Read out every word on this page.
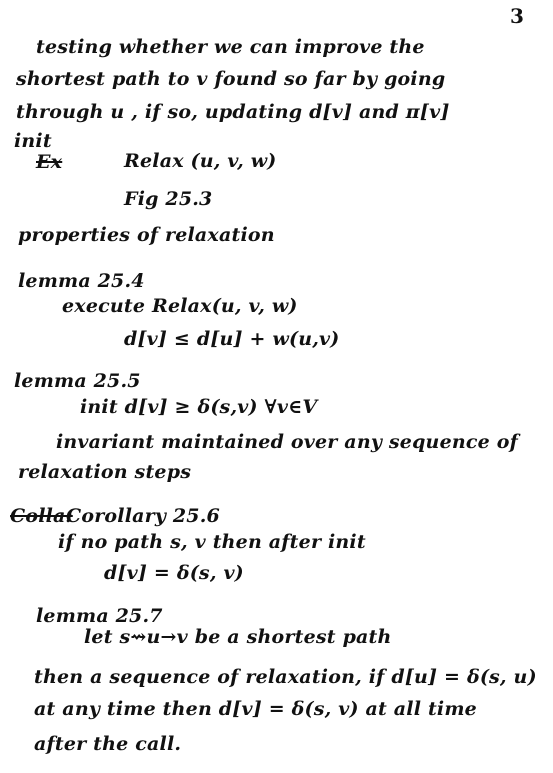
3
testing whether we can improve the
shortest path to v found so far by going
through u , if so, updating d[v] and π[v]
init
Ex	Relax (u, v, w)
Fig 25.3
properties of relaxation
lemma 25.4
execute Relax(u, v, w)
d[v] ≤ d[u] + w(u,v)
lemma 25.5
init d[v] ≥ δ(s,v) ∀v∈V
invariant maintained over any sequence of
relaxation steps
Colla:
Corollary 25.6
if no path s, v then after init
d[v] = δ(s, v)
lemma 25.7
let s⇝u→v be a shortest path
then a sequence of relaxation, if d[u] = δ(s, u)
at any time then d[v] = δ(s, v) at all time
after the call.
